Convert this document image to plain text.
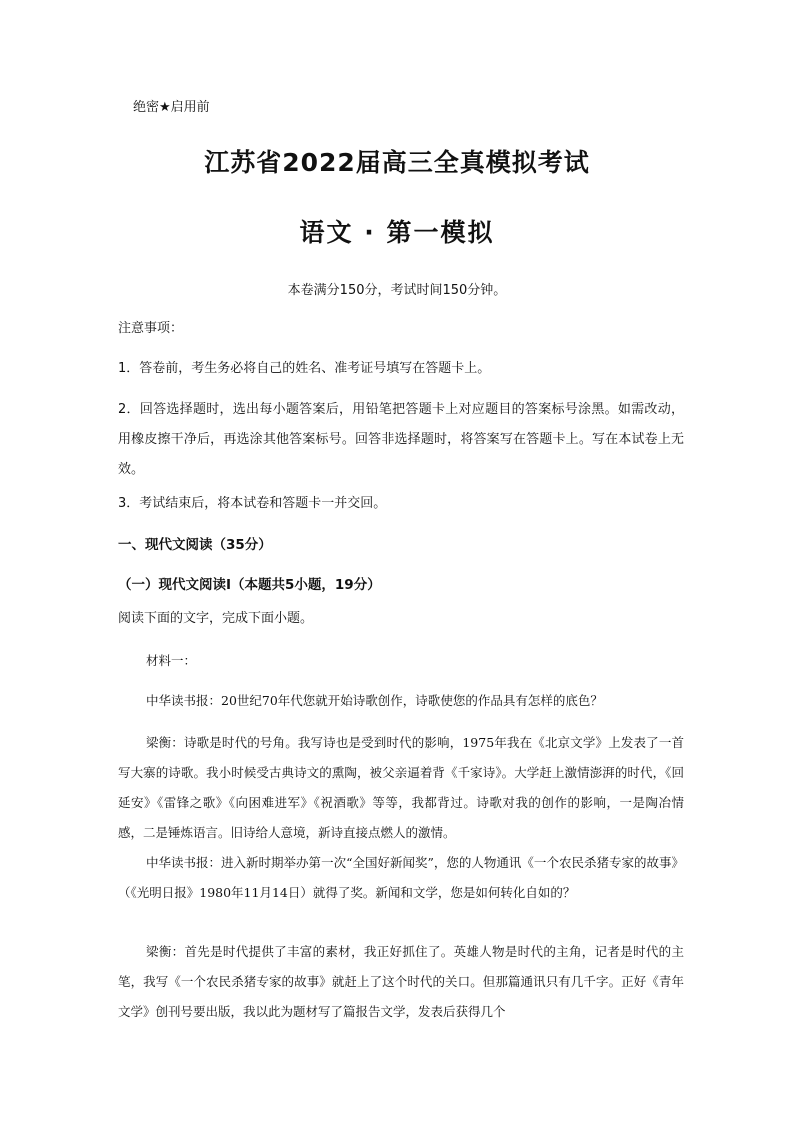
绝密★启用前
江苏省2022届高三全真模拟考试
语文 · 第一模拟
本卷满分150分，考试时间150分钟。
注意事项：
1．答卷前，考生务必将自己的姓名、准考证号填写在答题卡上。
2．回答选择题时，选出每小题答案后，用铅笔把答题卡上对应题目的答案标号涂黑。如需改动，用橡皮擦干净后，再选涂其他答案标号。回答非选择题时，将答案写在答题卡上。写在本试卷上无效。
3．考试结束后，将本试卷和答题卡一并交回。
一、现代文阅读（35分）
（一）现代文阅读Ⅰ（本题共5小题，19分）
阅读下面的文字，完成下面小题。
材料一：
中华读书报：20世纪70年代您就开始诗歌创作，诗歌使您的作品具有怎样的底色？
梁衡：诗歌是时代的号角。我写诗也是受到时代的影响，1975年我在《北京文学》上发表了一首写大寨的诗歌。我小时候受古典诗文的熏陶，被父亲逼着背《千家诗》。大学赶上激情澎湃的时代，《回延安》《雷锋之歌》《向困难进军》《祝酒歌》等等，我都背过。诗歌对我的创作的影响，一是陶冶情感，二是锤炼语言。旧诗给人意境，新诗直接点燃人的激情。
中华读书报：进入新时期举办第一次“全国好新闻奖”，您的人物通讯《一个农民杀猪专家的故事》（《光明日报》1980年11月14日）就得了奖。新闻和文学，您是如何转化自如的？
梁衡：首先是时代提供了丰富的素材，我正好抓住了。英雄人物是时代的主角，记者是时代的主笔，我写《一个农民杀猪专家的故事》就赶上了这个时代的关口。但那篇通讯只有几千字。正好《青年文学》创刊号要出版，我以此为题材写了篇报告文学，发表后获得几个
